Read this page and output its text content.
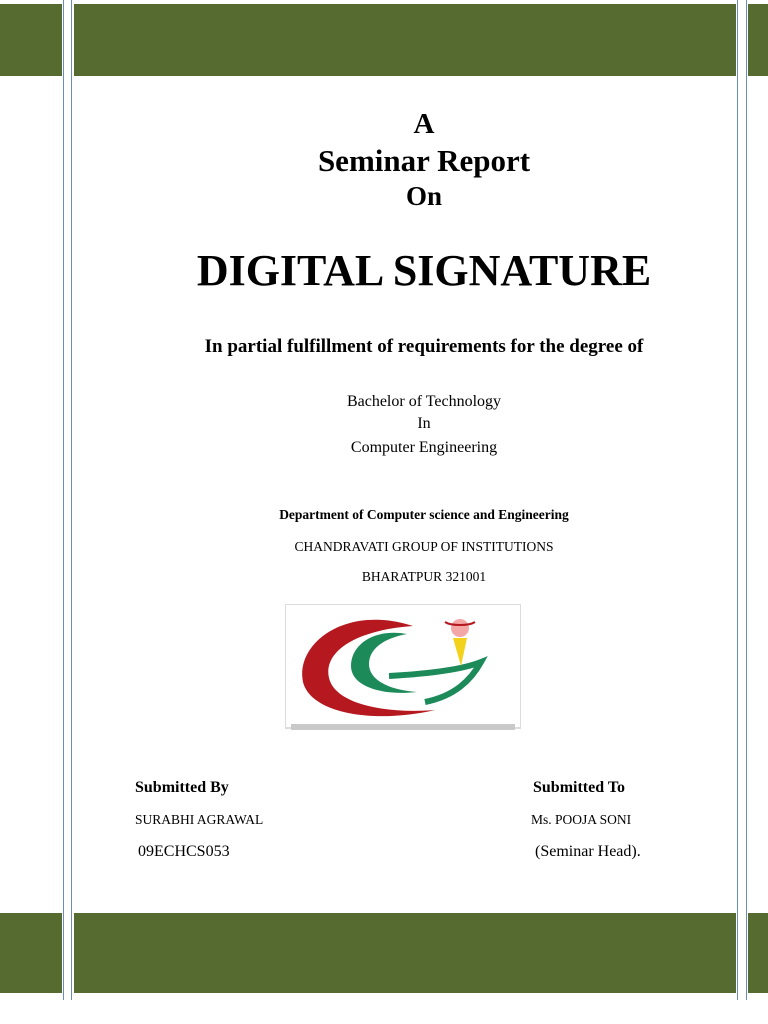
A
Seminar Report
On
DIGITAL SIGNATURE
In partial fulfillment of requirements for the degree of
Bachelor of Technology
In
Computer Engineering
Department of Computer science and Engineering
CHANDRAVATI GROUP OF INSTITUTIONS
BHARATPUR 321001
Submitted By
SURABHI AGRAWAL
09ECHCS053
Submitted To
Ms. POOJA SONI
(Seminar Head).
